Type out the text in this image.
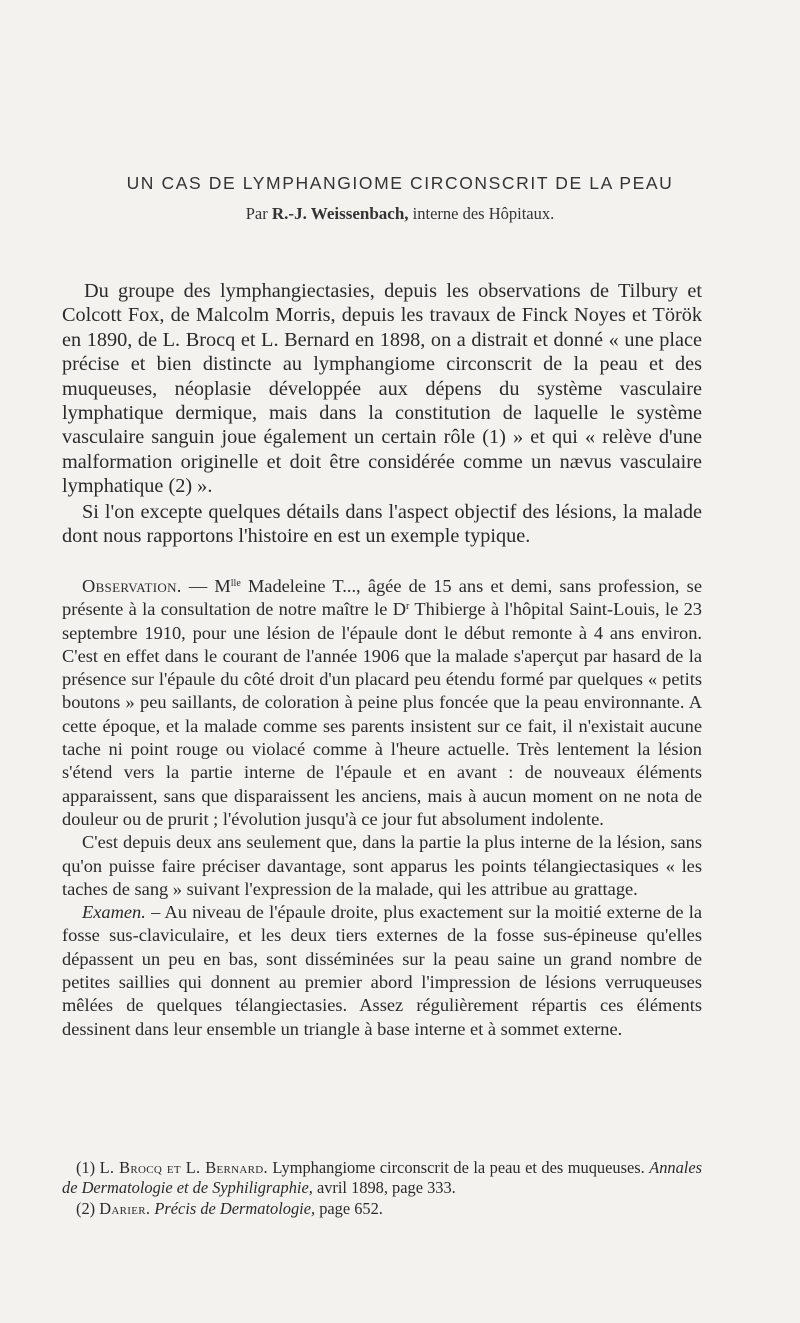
UN CAS DE LYMPHANGIOME CIRCONSCRIT DE LA PEAU
Par R.-J. Weissenbach, interne des Hôpitaux.

Du groupe des lymphangiectasies, depuis les observations de Tilbury et Colcott Fox, de Malcolm Morris, depuis les travaux de Finck Noyes et Török en 1890, de L. Brocq et L. Bernard en 1898, on a distrait et donné « une place précise et bien distincte au lymphangiome circonscrit de la peau et des muqueuses, néoplasie développée aux dépens du système vasculaire lymphatique dermique, mais dans la constitution de laquelle le système vasculaire sanguin joue également un certain rôle (1) » et qui « relève d'une malformation originelle et doit être considérée comme un nævus vasculaire lymphatique (2) ».

Si l'on excepte quelques détails dans l'aspect objectif des lésions, la malade dont nous rapportons l'histoire en est un exemple typique.

Observation. — $M^{lle}$ Madeleine T..., âgée de 15 ans et demi, sans profession, se présente à la consultation de notre maître le $D^r$ Thibierge à l'hôpital Saint-Louis, le 23 septembre 1910, pour une lésion de l'épaule dont le début remonte à 4 ans environ. C'est en effet dans le courant de l'année 1906 que la malade s'aperçut par hasard de la présence sur l'épaule du côté droit d'un placard peu étendu formé par quelques « petits boutons » peu saillants, de coloration à peine plus foncée que la peau environnante. A cette époque, et la malade comme ses parents insistent sur ce fait, il n'existait aucune tache ni point rouge ou violacé comme à l'heure actuelle. Très lentement la lésion s'étend vers la partie interne de l'épaule et en avant : de nouveaux éléments apparaissent, sans que disparaissent les anciens, mais à aucun moment on ne nota de douleur ou de prurit ; l'évolution jusqu'à ce jour fut absolument indolente.

C'est depuis deux ans seulement que, dans la partie la plus interne de la lésion, sans qu'on puisse faire préciser davantage, sont apparus les points télangiectasiques « les taches de sang » suivant l'expression de la malade, qui les attribue au grattage.

Examen. – Au niveau de l'épaule droite, plus exactement sur la moitié externe de la fosse sus-claviculaire, et les deux tiers externes de la fosse sus-épineuse qu'elles dépassent un peu en bas, sont disséminées sur la peau saine un grand nombre de petites saillies qui donnent au premier abord l'impression de lésions verruqueuses mêlées de quelques télangiectasies. Assez régulièrement répartis ces éléments dessinent dans leur ensemble un triangle à base interne et à sommet externe.

(1) L. Brocq et L. Bernard. Lymphangiome circonscrit de la peau et des muqueuses. Annales de Dermatologie et de Syphiligraphie, avril 1898, page 333.

(2) Darier. Précis de Dermatologie, page 652.
